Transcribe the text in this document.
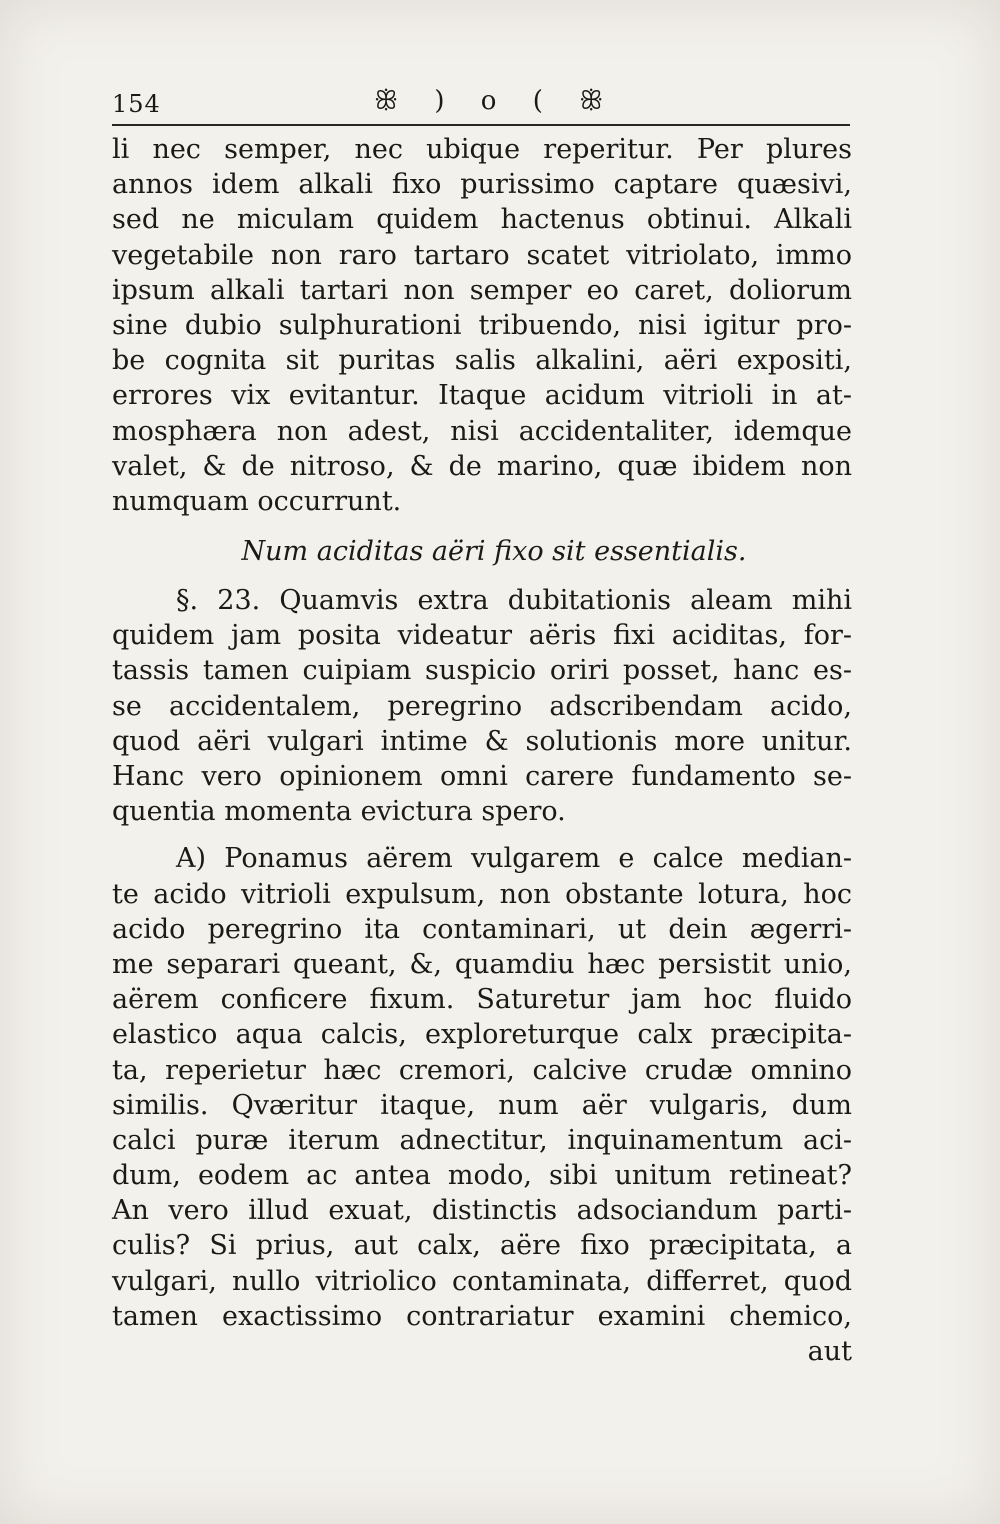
154	ꕥ ) o ( ꕥ
li nec semper, nec ubique reperitur. Per plures
annos idem alkali fixo purissimo captare quæsivi,
sed ne miculam quidem hactenus obtinui. Alkali
vegetabile non raro tartaro scatet vitriolato, immo
ipsum alkali tartari non semper eo caret, doliorum
sine dubio sulphurationi tribuendo, nisi igitur pro-
be cognita sit puritas salis alkalini, aëri expositi,
errores vix evitantur. Itaque acidum vitrioli in at-
mosphæra non adest, nisi accidentaliter, idemque
valet, & de nitroso, & de marino, quæ ibidem non
numquam occurrunt.
Num aciditas aëri fixo sit essentialis.
§. 23. Quamvis extra dubitationis aleam mihi
quidem jam posita videatur aëris fixi aciditas, for-
tassis tamen cuipiam suspicio oriri posset, hanc es-
se accidentalem, peregrino adscribendam acido,
quod aëri vulgari intime & solutionis more unitur.
Hanc vero opinionem omni carere fundamento se-
quentia momenta evictura spero.
A) Ponamus aërem vulgarem e calce median-
te acido vitrioli expulsum, non obstante lotura, hoc
acido peregrino ita contaminari, ut dein ægerri-
me separari queant, &, quamdiu hæc persistit unio,
aërem conficere fixum. Saturetur jam hoc fluido
elastico aqua calcis, exploreturque calx præcipita-
ta, reperietur hæc cremori, calcive crudæ omnino
similis. Qværitur itaque, num aër vulgaris, dum
calci puræ iterum adnectitur, inquinamentum aci-
dum, eodem ac antea modo, sibi unitum retineat?
An vero illud exuat, distinctis adsociandum parti-
culis? Si prius, aut calx, aëre fixo præcipitata, a
vulgari, nullo vitriolico contaminata, differret, quod
tamen exactissimo contrariatur examini chemico,
aut
